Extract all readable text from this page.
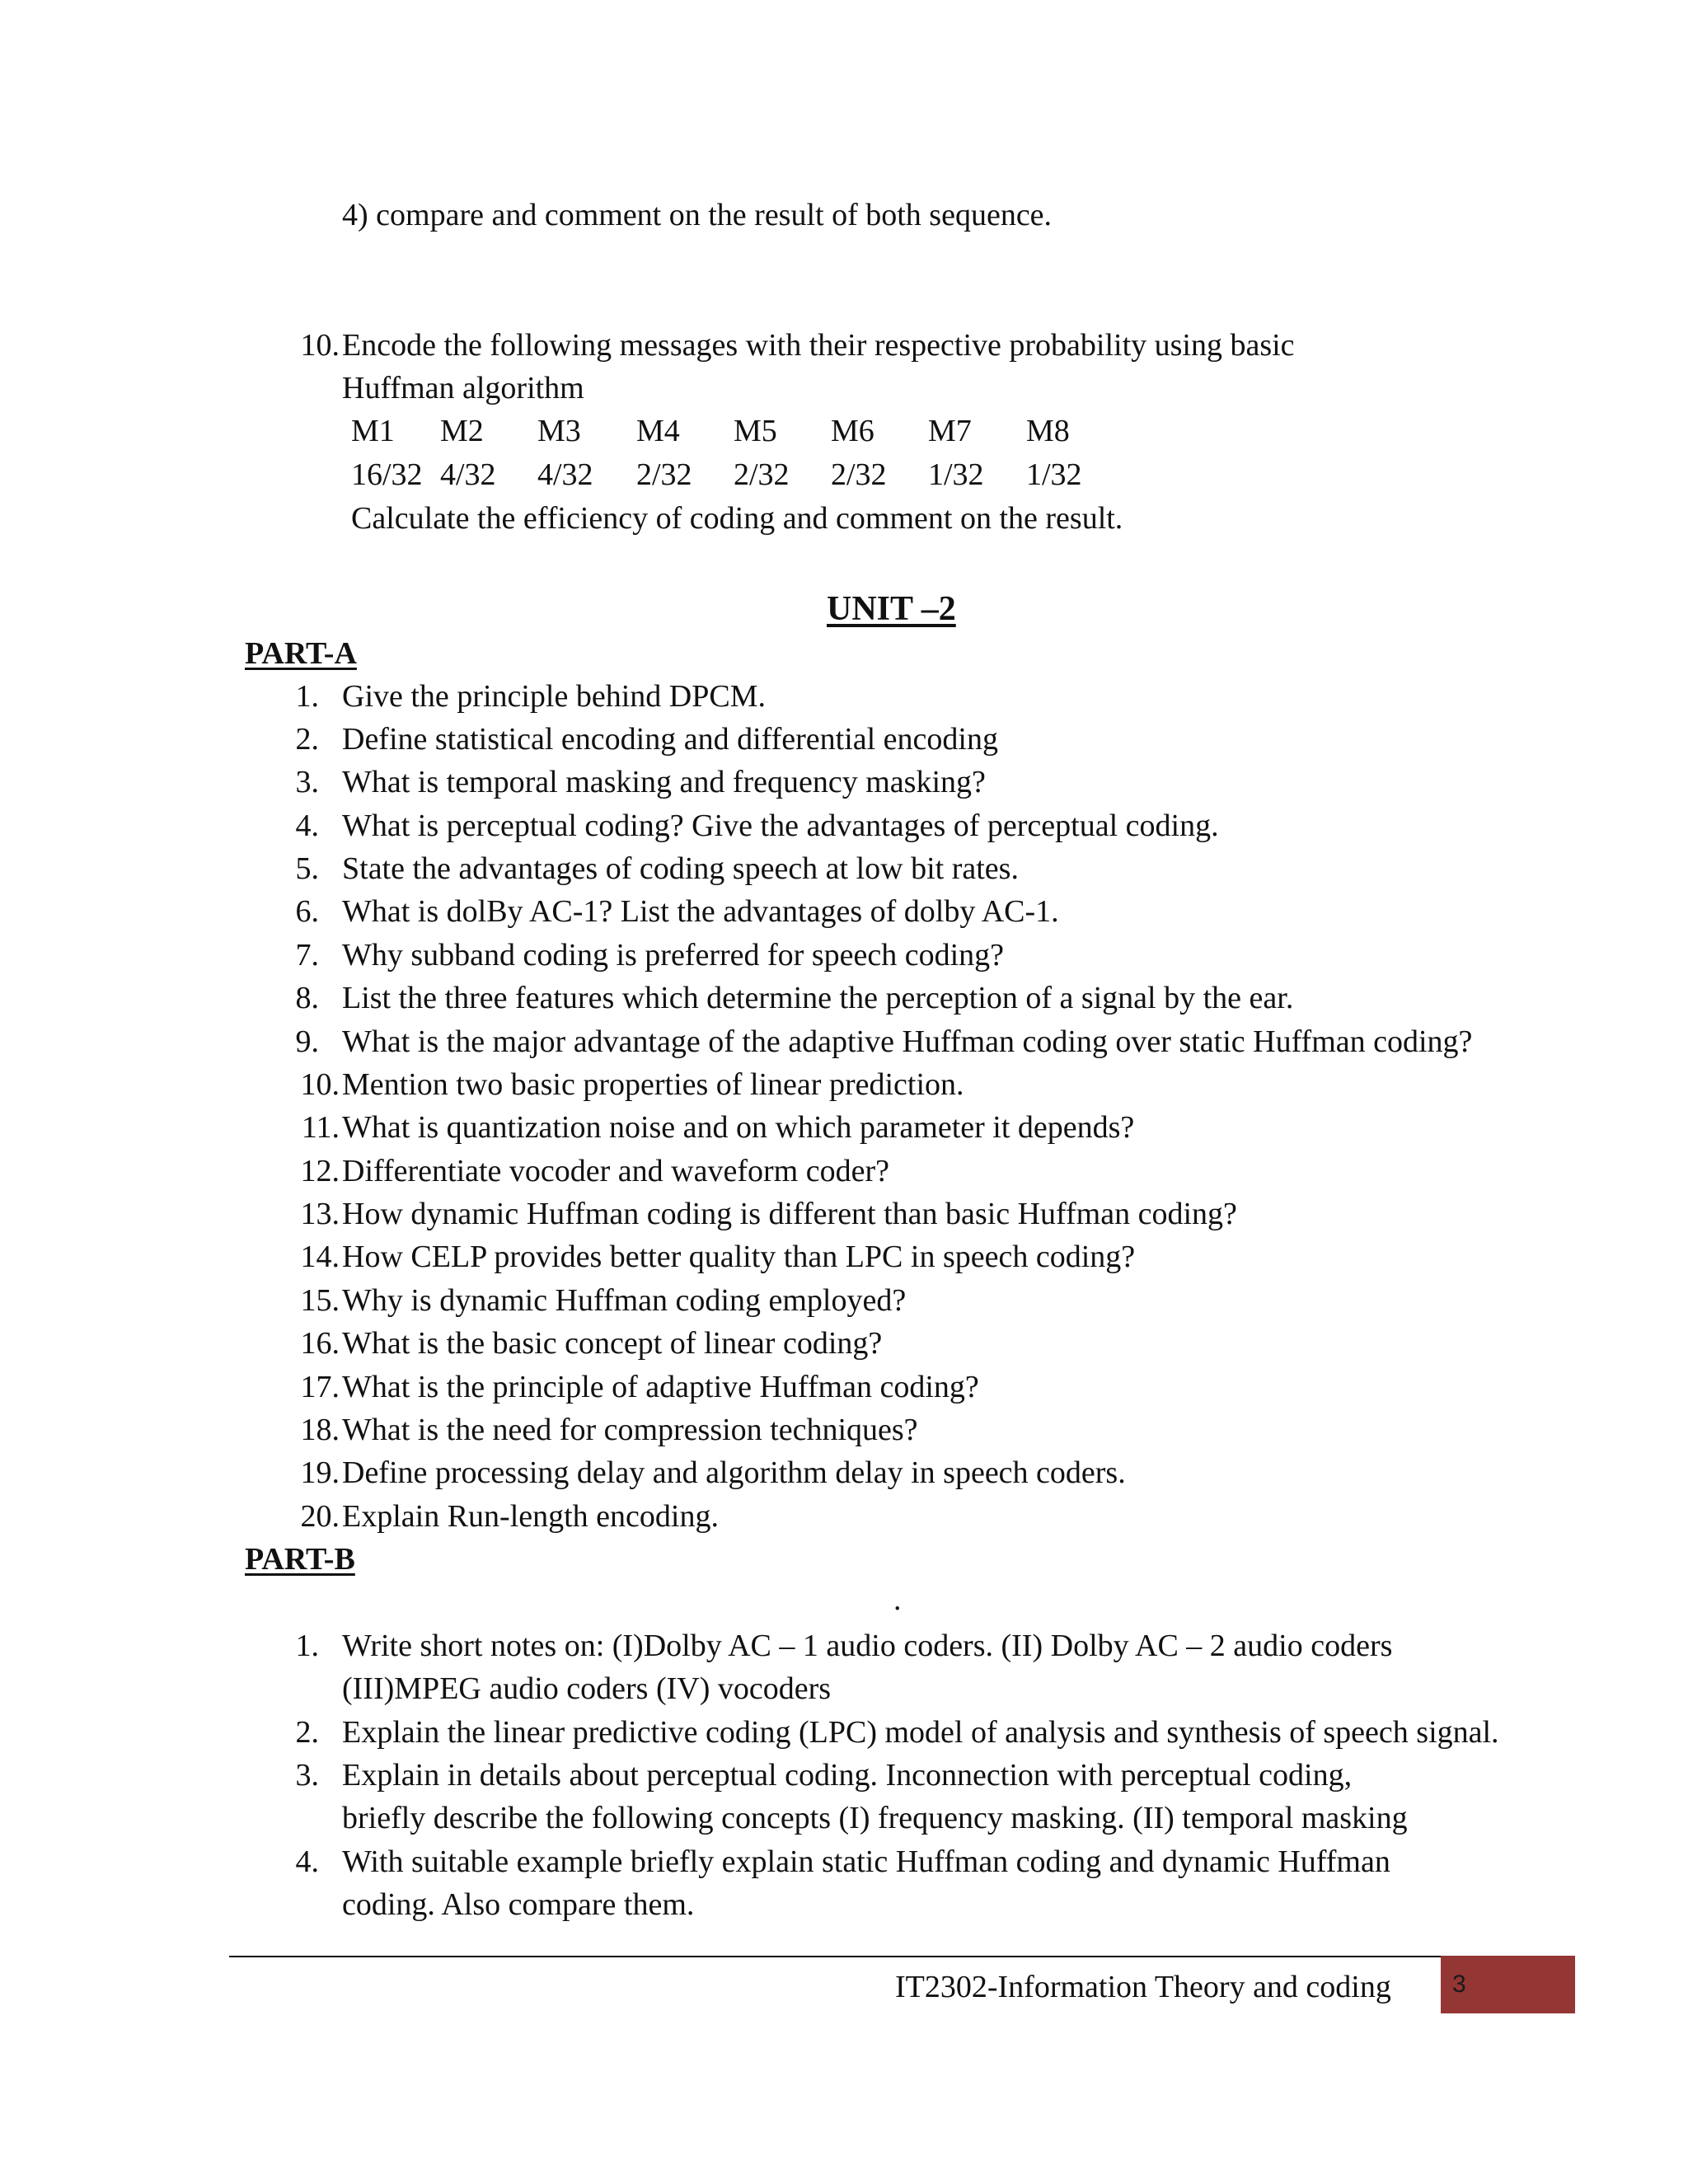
4) compare and comment on the result of both sequence.
10. Encode the following messages with their respective probability using basic
Huffman algorithm
M1 M2 M3 M4 M5 M6 M7 M8
16/32 4/32 4/32 2/32 2/32 2/32 1/32 1/32
Calculate the efficiency of coding and comment on the result.
UNIT –2
PART-A
1. Give the principle behind DPCM.
2. Define statistical encoding and differential encoding
3. What is temporal masking and frequency masking?
4. What is perceptual coding? Give the advantages of perceptual coding.
5. State the advantages of coding speech at low bit rates.
6. What is dolBy AC-1? List the advantages of dolby AC-1.
7. Why subband coding is preferred for speech coding?
8. List the three features which determine the perception of a signal by the ear.
9. What is the major advantage of the adaptive Huffman coding over static Huffman coding?
10. Mention two basic properties of linear prediction.
11. What is quantization noise and on which parameter it depends?
12. Differentiate vocoder and waveform coder?
13. How dynamic Huffman coding is different than basic Huffman coding?
14. How CELP provides better quality than LPC in speech coding?
15. Why is dynamic Huffman coding employed?
16. What is the basic concept of linear coding?
17. What is the principle of adaptive Huffman coding?
18. What is the need for compression techniques?
19. Define processing delay and algorithm delay in speech coders.
20. Explain Run-length encoding.
PART-B
.
1. Write short notes on: (I)Dolby AC – 1 audio coders. (II) Dolby AC – 2 audio coders
(III)MPEG audio coders (IV) vocoders
2. Explain the linear predictive coding (LPC) model of analysis and synthesis of speech signal.
3. Explain in details about perceptual coding. Inconnection with perceptual coding,
briefly describe the following concepts (I) frequency masking. (II) temporal masking
4. With suitable example briefly explain static Huffman coding and dynamic Huffman
coding. Also compare them.
IT2302-Information Theory and coding 3
